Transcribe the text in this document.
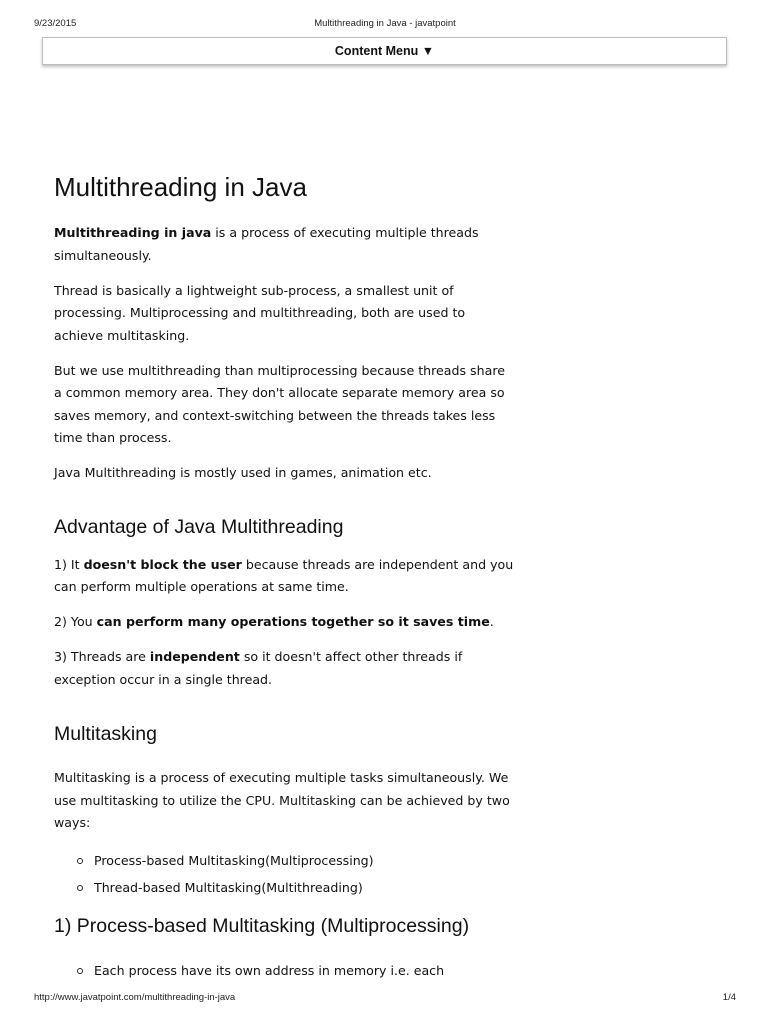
9/23/2015	Multithreading in Java - javatpoint
Content Menu ▼
Multithreading in Java

Multithreading in java is a process of executing multiple threads simultaneously.

Thread is basically a lightweight sub-process, a smallest unit of processing. Multiprocessing and multithreading, both are used to achieve multitasking.

But we use multithreading than multiprocessing because threads share a common memory area. They don't allocate separate memory area so saves memory, and context-switching between the threads takes less time than process.

Java Multithreading is mostly used in games, animation etc.

Advantage of Java Multithreading

1) It doesn't block the user because threads are independent and you can perform multiple operations at same time.

2) You can perform many operations together so it saves time.

3) Threads are independent so it doesn't affect other threads if exception occur in a single thread.

Multitasking

Multitasking is a process of executing multiple tasks simultaneously. We use multitasking to utilize the CPU. Multitasking can be achieved by two ways:

Process-based Multitasking(Multiprocessing)
Thread-based Multitasking(Multithreading)
1) Process-based Multitasking (Multiprocessing)
Each process have its own address in memory i.e. each
http://www.javatpoint.com/multithreading-in-java	1/4
